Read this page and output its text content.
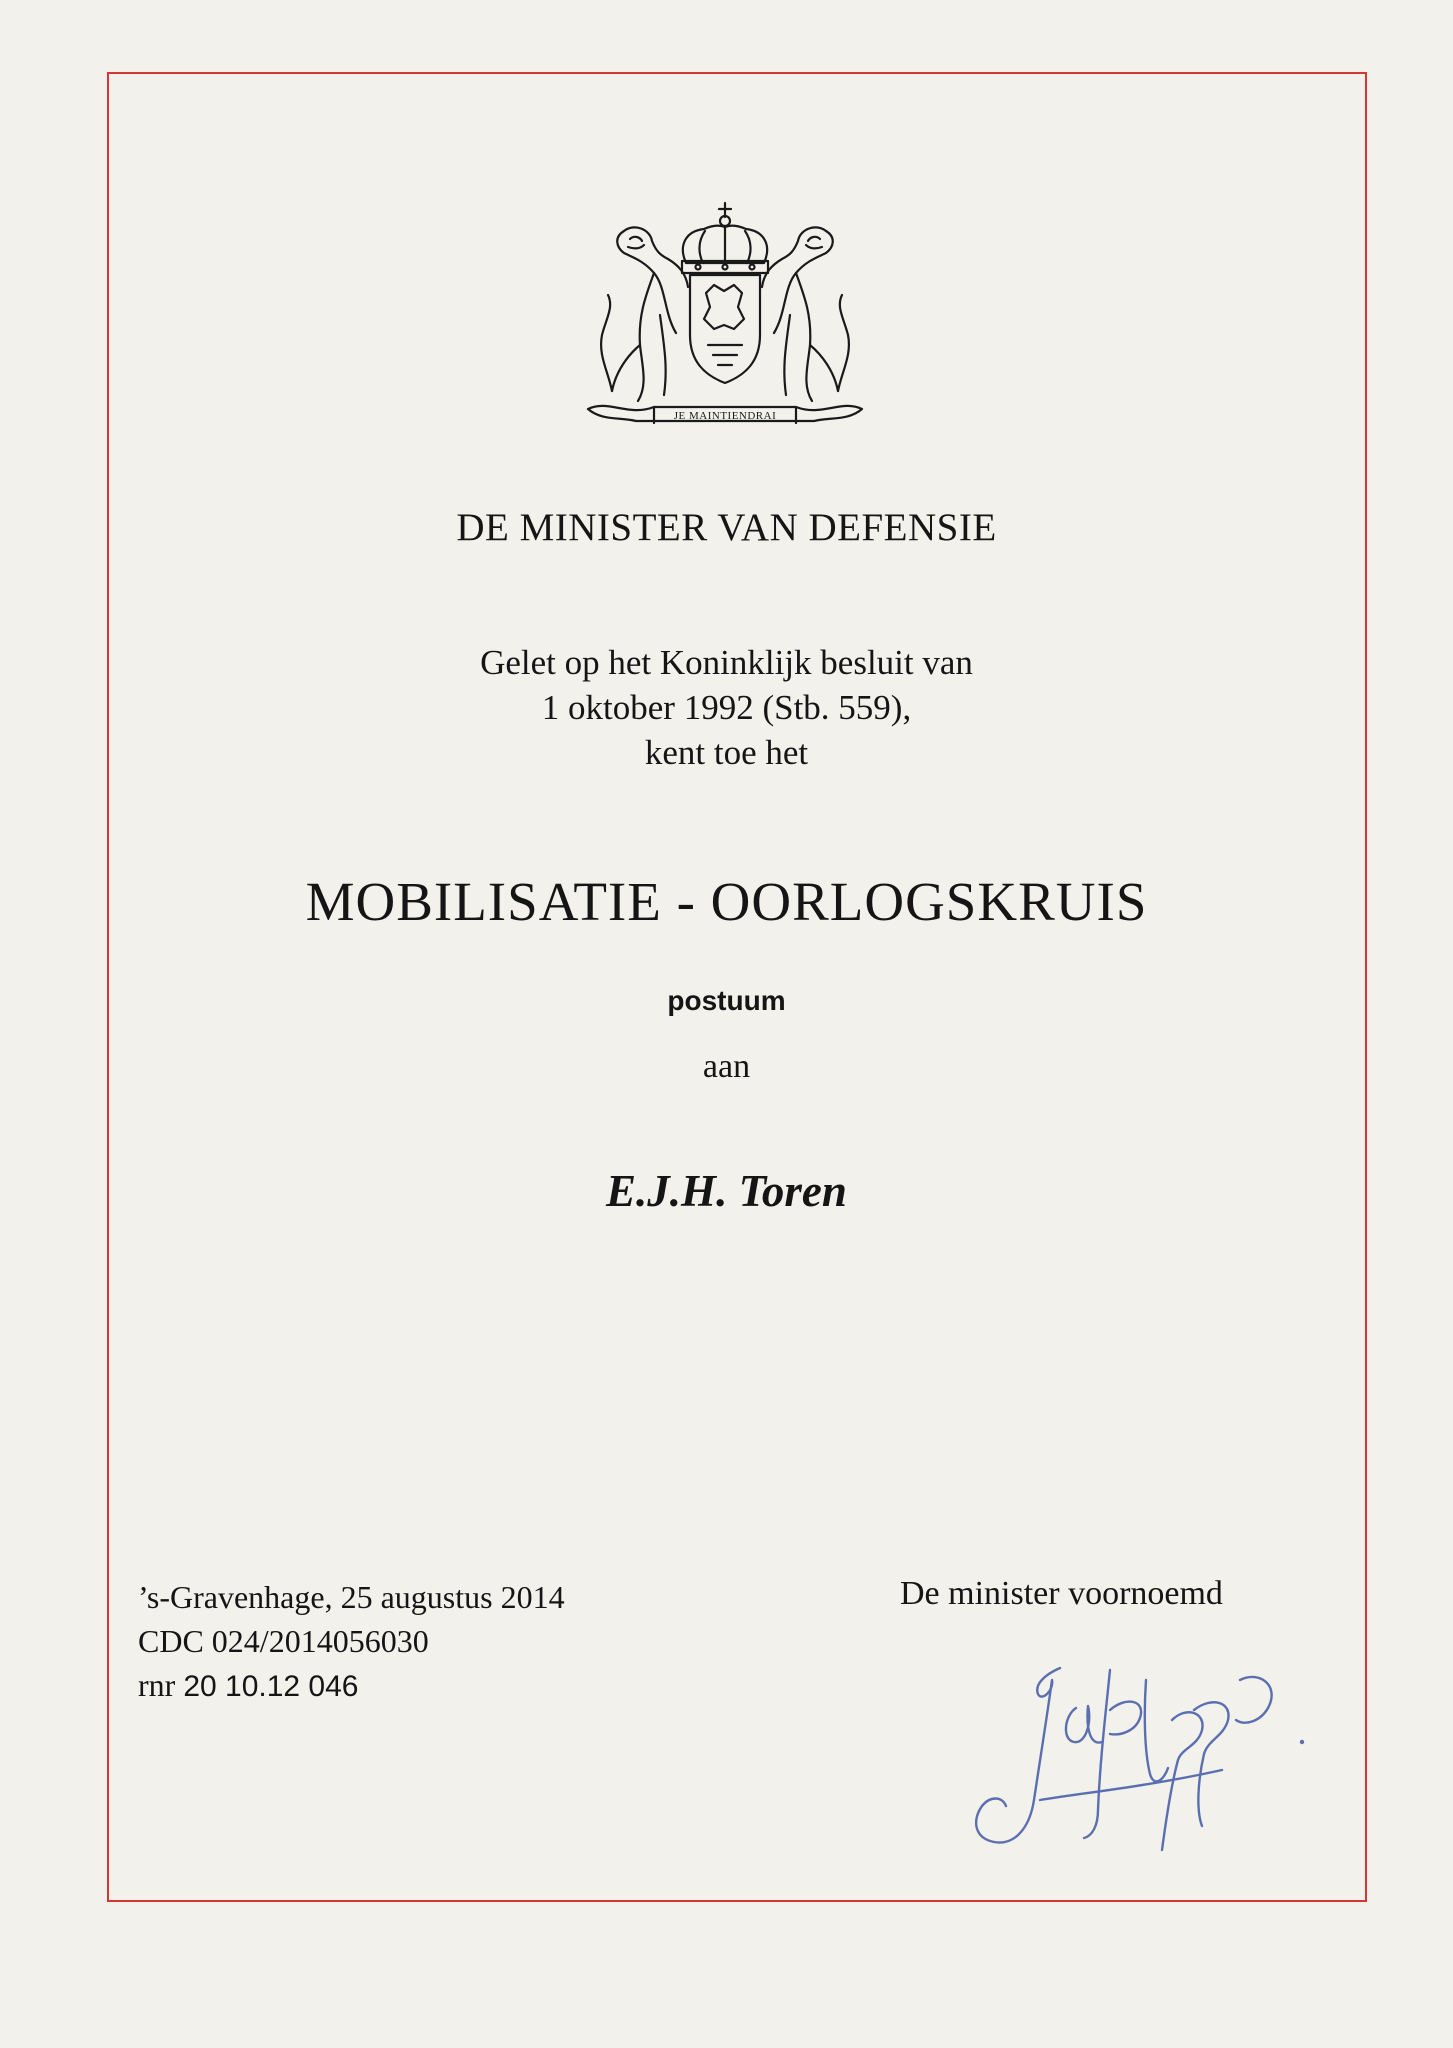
JE MAINTIENDRAI
DE MINISTER VAN DEFENSIE
Gelet op het Koninklijk besluit van
1 oktober 1992 (Stb. 559),
kent toe het
MOBILISATIE - OORLOGSKRUIS
postuum
aan
E.J.H. Toren
’s-Gravenhage, 25 augustus 2014
CDC 024/2014056030
rnr 20 10.12 046
De minister voornoemd
